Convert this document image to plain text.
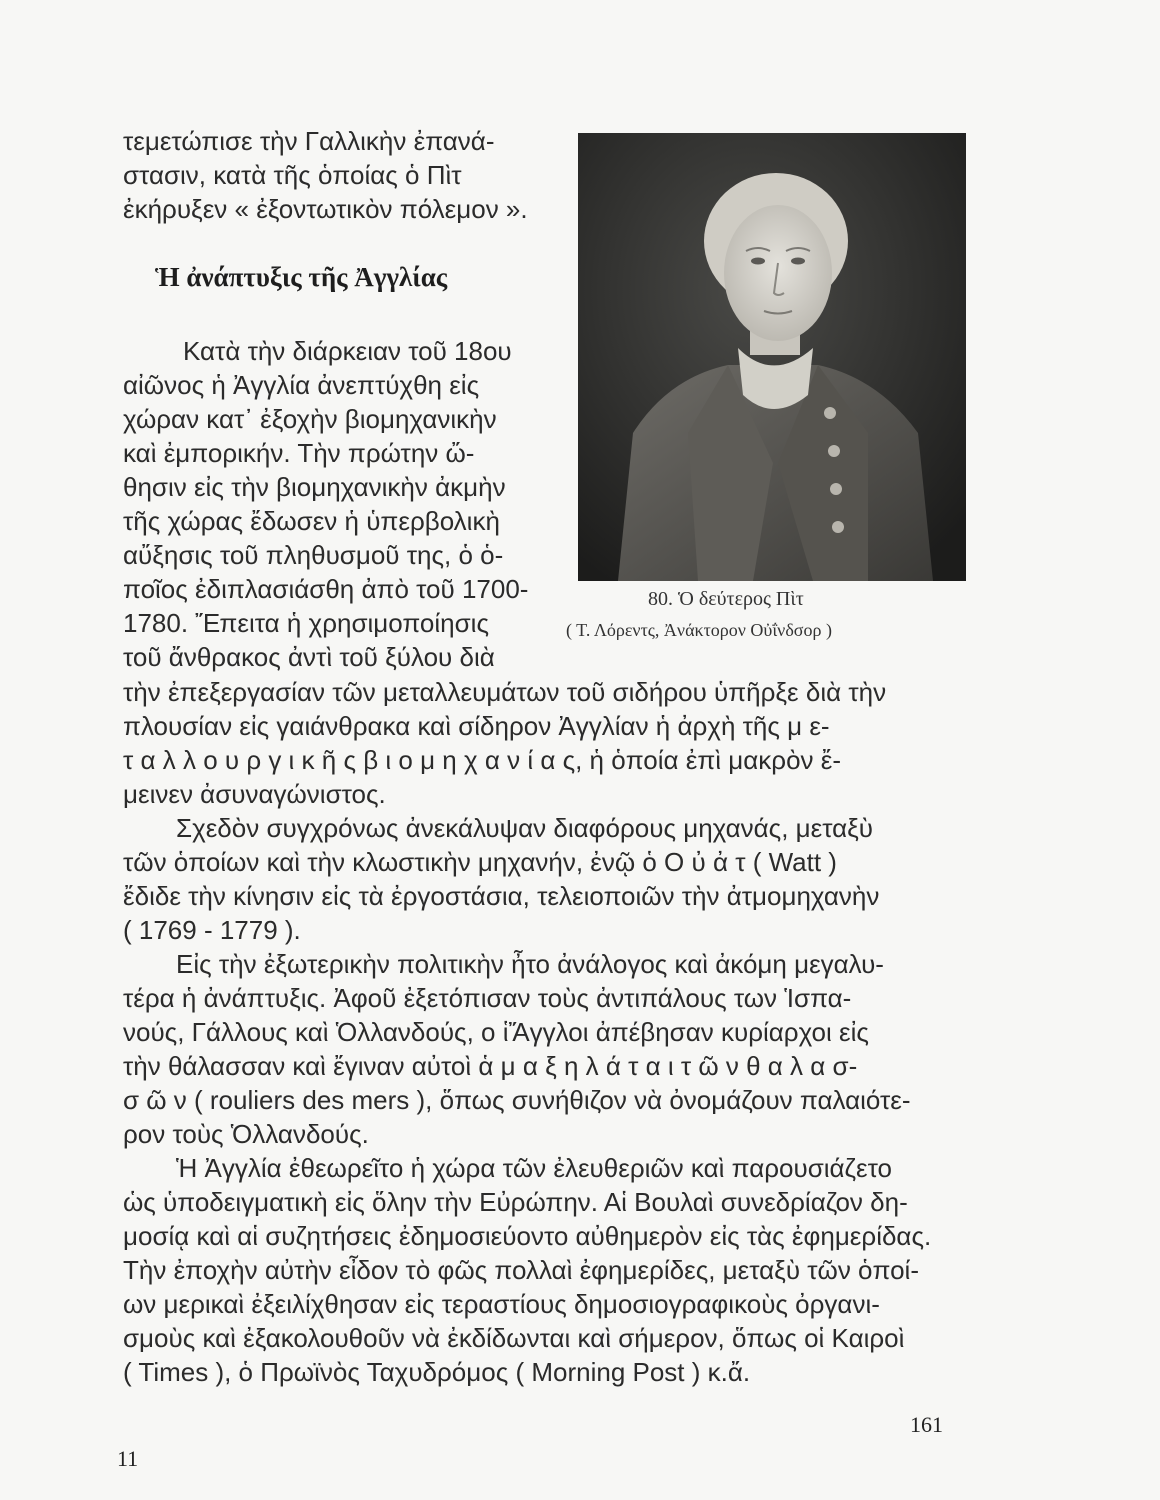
τεμετώπισε τὴν Γαλλικὴν ἐπανά-

στασιν, κατὰ τῆς ὁποίας ὁ Πὶτ

ἐκήρυξεν « ἐξοντωτικὸν πόλεμον ».

Ἡ ἀνάπτυξις τῆς Ἀγγλίας

Κατὰ τὴν διάρκειαν τοῦ 18ου

αἰῶνος ἡ Ἀγγλία ἀνεπτύχθη εἰς

χώραν κατ᾽ ἐξοχὴν βιομηχανικὴν

καὶ ἐμπορικήν. Τὴν πρώτην ὤ-

θησιν εἰς τὴν βιομηχανικὴν ἀκμὴν

τῆς χώρας ἔδωσεν ἡ ὑπερβολικὴ

αὔξησις τοῦ πληθυσμοῦ της, ὁ ὁ-

ποῖος ἐδιπλασιάσθη ἀπὸ τοῦ 1700-

1780. Ἔπειτα ἡ χρησιμοποίησις

τοῦ ἄνθρακος ἀντὶ τοῦ ξύλου διὰ

80. Ὁ δεύτερος Πὶτ
( Τ. Λόρεντς, Ἀνάκτορον Οὐΐνδσορ )

τὴν ἐπεξεργασίαν τῶν μεταλλευμάτων τοῦ σιδήρου ὑπῆρξε διὰ τὴν

πλουσίαν εἰς γαιάνθρακα καὶ σίδηρον Ἀγγλίαν ἡ ἀρχὴ τῆς μ ε-

τ α λ λ ο υ ρ γ ι κ ῆ ς β ι ο μ η χ α ν ί α ς, ἡ ὁποία ἐπὶ μακρὸν ἔ-

μεινεν ἀσυναγώνιστος.

Σχεδὸν συγχρόνως ἀνεκάλυψαν διαφόρους μηχανάς, μεταξὺ

τῶν ὁποίων καὶ τὴν κλωστικὴν μηχανήν, ἐνῷ ὁ Ο ὐ ἀ τ ( Watt )

ἔδιδε τὴν κίνησιν εἰς τὰ ἐργοστάσια, τελειοποιῶν τὴν ἀτμομηχανὴν

( 1769 - 1779 ).

Εἰς τὴν ἐξωτερικὴν πολιτικὴν ἦτο ἀνάλογος καὶ ἀκόμη μεγαλυ-

τέρα ἡ ἀνάπτυξις. Ἀφοῦ ἐξετόπισαν τοὺς ἀντιπάλους των Ἱσπα-

νούς, Γάλλους καὶ Ὁλλανδούς, ο ἱἌγγλοι ἀπέβησαν κυρίαρχοι εἰς

τὴν θάλασσαν καὶ ἔγιναν αὐτοὶ ἁ μ α ξ η λ ά τ α ι τ ῶ ν θ α λ α σ-

σ ῶ ν ( rouliers des mers ), ὅπως συνήθιζον νὰ ὀνομάζουν παλαιότε-

ρον τοὺς Ὁλλανδούς.

Ἡ Ἀγγλία ἐθεωρεῖτο ἡ χώρα τῶν ἐλευθεριῶν καὶ παρουσιάζετο

ὡς ὑποδειγματικὴ εἰς ὅλην τὴν Εὐρώπην. Αἱ Βουλαὶ συνεδρίαζον δη-

μοσίᾳ καὶ αἱ συζητήσεις ἐδημοσιεύοντο αὐθημερὸν εἰς τὰς ἐφημερίδας.

Τὴν ἐποχὴν αὐτὴν εἶδον τὸ φῶς πολλαὶ ἐφημερίδες, μεταξὺ τῶν ὁποί-

ων μερικαὶ ἐξειλίχθησαν εἰς τεραστίους δημοσιογραφικοὺς ὀργανι-

σμοὺς καὶ ἐξακολουθοῦν νὰ ἐκδίδωνται καὶ σήμερον, ὅπως οἱ Καιροὶ

( Times ), ὁ Πρωϊνὸς Ταχυδρόμος ( Morning Post ) κ.ἄ.

161
11
